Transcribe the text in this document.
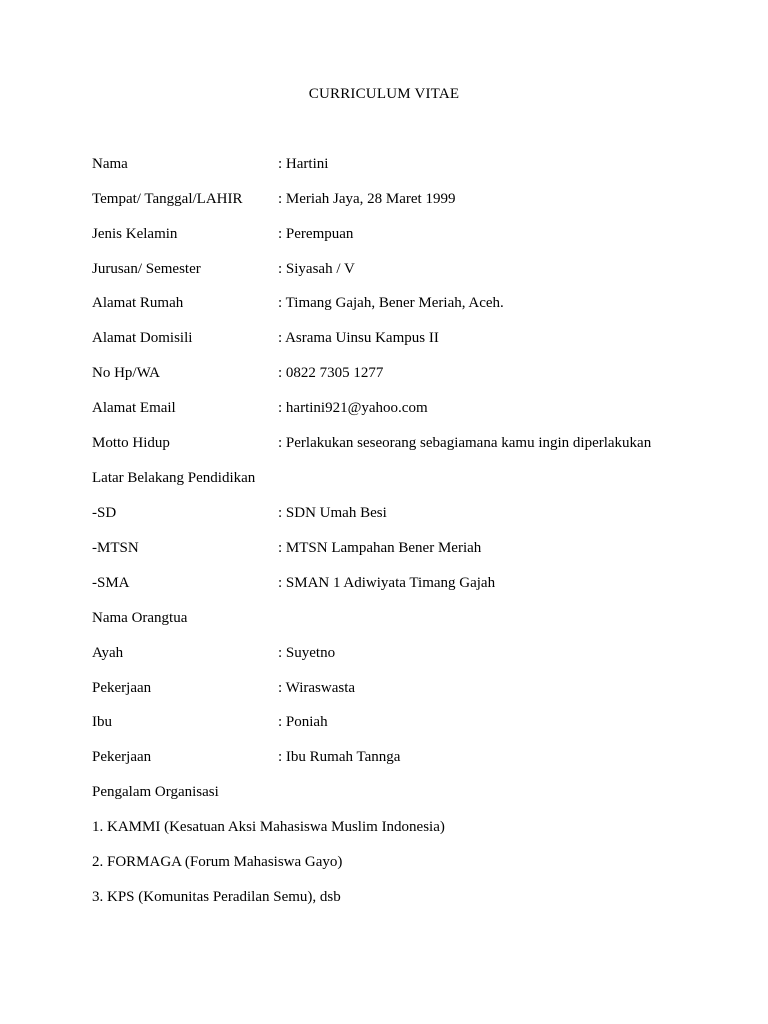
CURRICULUM VITAE
Nama	: Hartini
Tempat/ Tanggal/LAHIR : Meriah Jaya, 28 Maret 1999
Jenis Kelamin	: Perempuan
Jurusan/ Semester	: Siyasah / V
Alamat Rumah	: Timang Gajah, Bener Meriah, Aceh.
Alamat Domisili	: Asrama Uinsu Kampus II
No Hp/WA	: 0822 7305 1277
Alamat Email	: hartini921@yahoo.com
Motto Hidup	: Perlakukan seseorang sebagiamana kamu ingin diperlakukan
Latar Belakang Pendidikan
-SD	: SDN Umah Besi
-MTSN	: MTSN Lampahan Bener Meriah
-SMA	: SMAN 1 Adiwiyata Timang Gajah
Nama Orangtua
Ayah	: Suyetno
Pekerjaan	: Wiraswasta
Ibu	: Poniah
Pekerjaan	: Ibu Rumah Tannga
Pengalam Organisasi
1. KAMMI (Kesatuan Aksi Mahasiswa Muslim Indonesia)
2. FORMAGA (Forum Mahasiswa Gayo)
3. KPS (Komunitas Peradilan Semu), dsb
